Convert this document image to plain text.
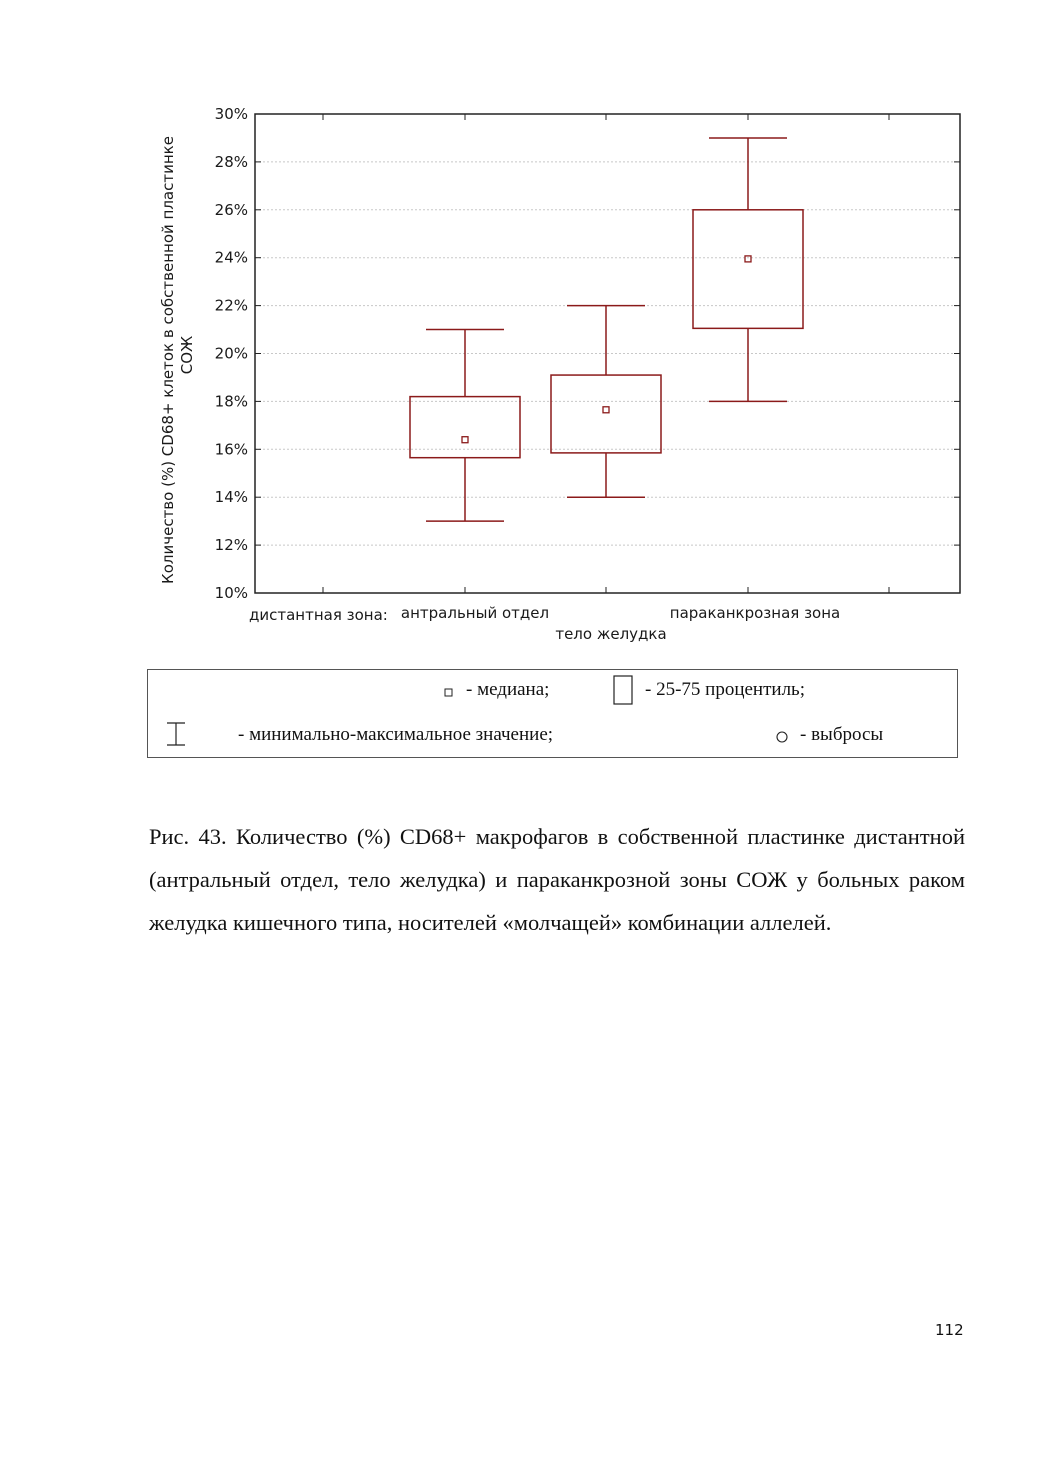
10%
12%
14%
16%
18%
20%
22%
24%
26%
28%
30%
дистантная зона: антральный отдел
тело желудка
параканкрозная зона
Количество (%) CD68+ клеток в собственной пластинке СОЖ
- медиана;	- 25-75 процентиль;
- минимально-максимальное значение;	- выбросы
Рис. 43. Количество (%) CD68+ макрофагов в собственной пластинке дистантной (антральный отдел, тело желудка) и параканкрозной зоны СОЖ у больных раком желудка кишечного типа, носителей «молчащей» комбинации аллелей.
112
